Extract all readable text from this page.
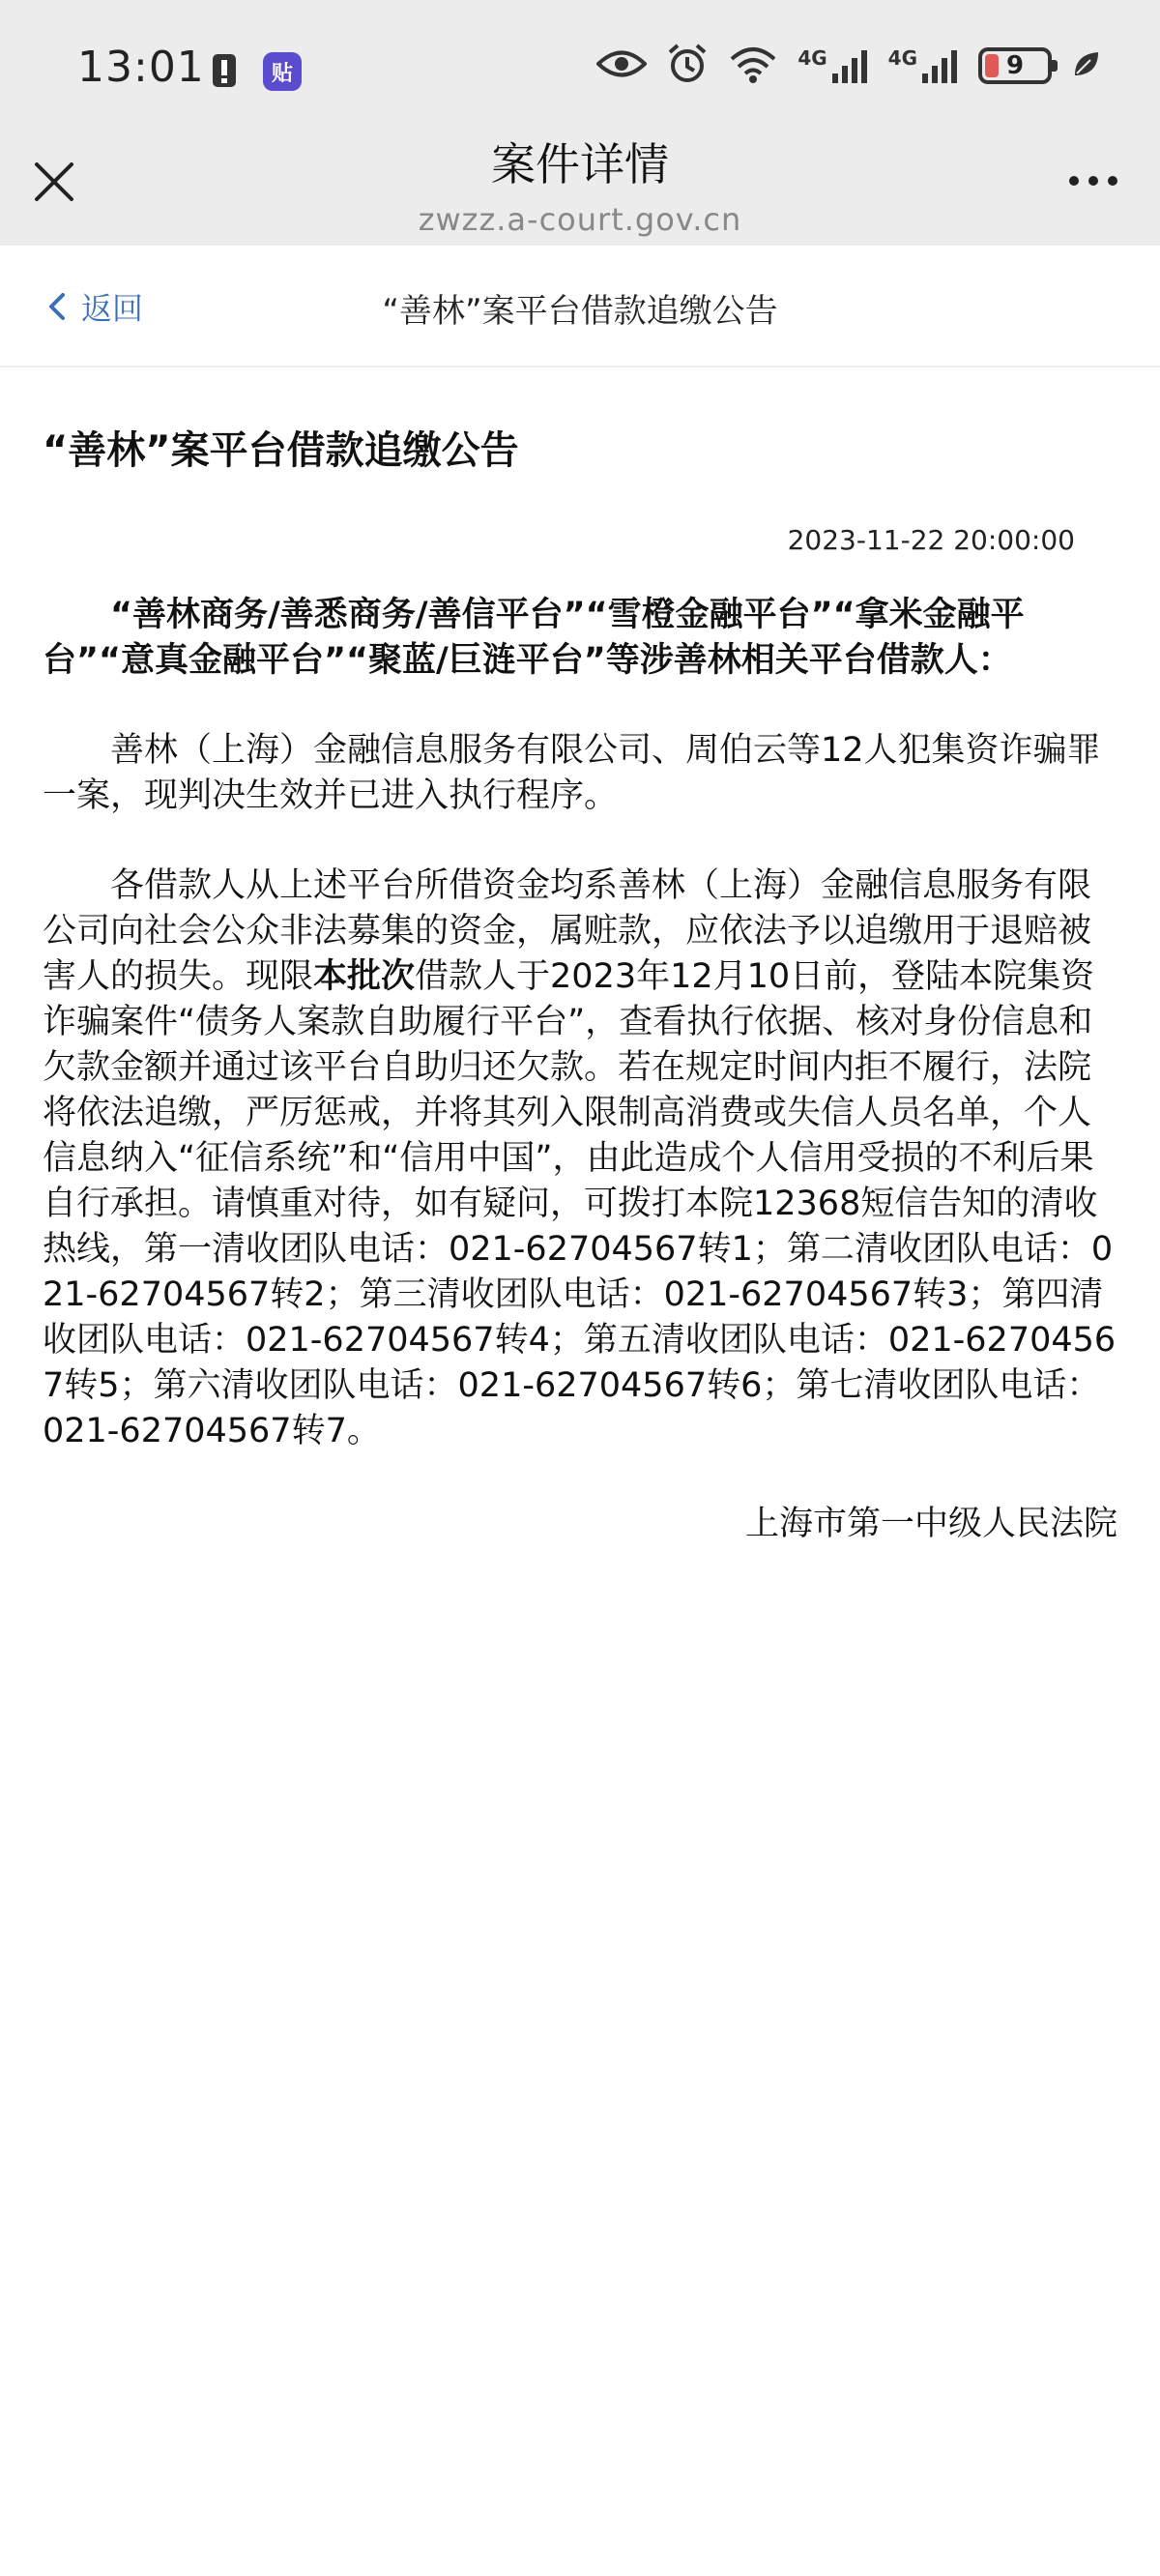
13:01	贴
4G	4G	9
案件详情
zwzz.a-court.gov.cn
返回	“善林”案平台借款追缴公告
“善林”案平台借款追缴公告
2023-11-22 20:00:00

“善林商务/善悉商务/善信平台”“雪橙金融平台”“拿米金融平台”“意真金融平台”“聚蓝/巨涟平台”等涉善林相关平台借款人：

善林（上海）金融信息服务有限公司、周伯云等12人犯集资诈骗罪一案，现判决生效并已进入执行程序。

各借款人从上述平台所借资金均系善林（上海）金融信息服务有限公司向社会公众非法募集的资金，属赃款，应依法予以追缴用于退赔被害人的损失。现限本批次借款人于2023年12月10日前，登陆本院集资诈骗案件“债务人案款自助履行平台”，查看执行依据、核对身份信息和欠款金额并通过该平台自助归还欠款。若在规定时间内拒不履行，法院将依法追缴，严厉惩戒，并将其列入限制高消费或失信人员名单，个人信息纳入“征信系统”和“信用中国”，由此造成个人信用受损的不利后果自行承担。请慎重对待，如有疑问，可拨打本院12368短信告知的清收热线，第一清收团队电话：021-62704567转1；第二清收团队电话：021-62704567转2；第三清收团队电话：021-62704567转3；第四清收团队电话：021-62704567转4；第五清收团队电话：021-62704567转5；第六清收团队电话：021-62704567转6；第七清收团队电话：021-62704567转7。

上海市第一中级人民法院
